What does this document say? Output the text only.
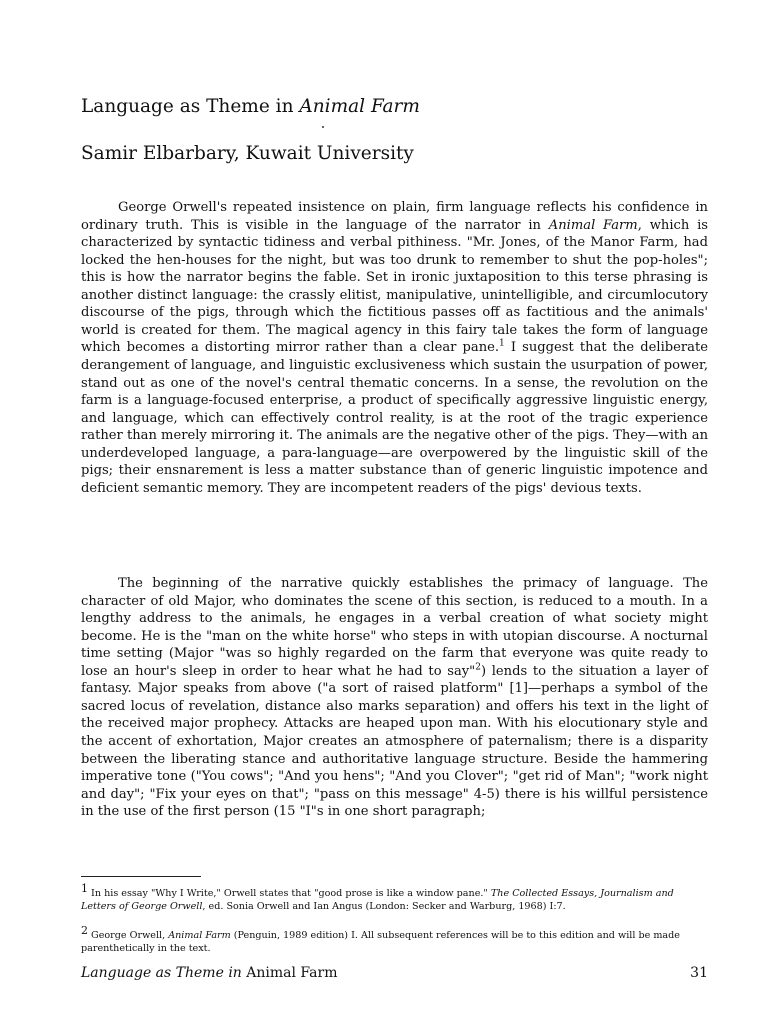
Language as Theme in Animal Farm
Samir Elbarbary, Kuwait University

George Orwell's repeated insistence on plain, firm language reflects his confidence in ordinary truth. This is visible in the language of the narrator in Animal Farm, which is characterized by syntactic tidiness and verbal pithiness. "Mr. Jones, of the Manor Farm, had locked the hen-houses for the night, but was too drunk to remember to shut the pop-holes"; this is how the narrator begins the fable. Set in ironic juxtaposition to this terse phrasing is another distinct language: the crassly elitist, manipulative, unintelligible, and circumlocutory discourse of the pigs, through which the fictitious passes off as factitious and the animals' world is created for them. The magical agency in this fairy tale takes the form of language which becomes a distorting mirror rather than a clear pane.$^1$ I suggest that the deliberate derangement of language, and linguistic exclusiveness which sustain the usurpation of power, stand out as one of the novel's central thematic concerns. In a sense, the revolution on the farm is a language-focused enterprise, a product of specifically aggressive linguistic energy, and language, which can effectively control reality, is at the root of the tragic experience rather than merely mirroring it. The animals are the negative other of the pigs. They—with an underdeveloped language, a para-language—are overpowered by the linguistic skill of the pigs; their ensnarement is less a matter substance than of generic linguistic impotence and deficient semantic memory. They are incompetent readers of the pigs' devious texts.

The beginning of the narrative quickly establishes the primacy of language. The character of old Major, who dominates the scene of this section, is reduced to a mouth. In a lengthy address to the animals, he engages in a verbal creation of what society might become. He is the "man on the white horse" who steps in with utopian discourse. A nocturnal time setting (Major "was so highly regarded on the farm that everyone was quite ready to lose an hour's sleep in order to hear what he had to say"$^2$) lends to the situation a layer of fantasy. Major speaks from above ("a sort of raised platform" [1]—perhaps a symbol of the sacred locus of revelation, distance also marks separation) and offers his text in the light of the received major prophecy. Attacks are heaped upon man. With his elocutionary style and the accent of exhortation, Major creates an atmosphere of paternalism; there is a disparity between the liberating stance and authoritative language structure. Beside the hammering imperative tone ("You cows"; "And you hens"; "And you Clover"; "get rid of Man"; "work night and day"; "Fix your eyes on that"; "pass on this message" 4-5) there is his willful persistence in the use of the first person (15 "I"s in one short paragraph;

$^1$ In his essay "Why I Write," Orwell states that "good prose is like a window pane." The Collected Essays, Journalism and Letters of George Orwell, ed. Sonia Orwell and Ian Angus (London: Secker and Warburg, 1968) I:7.
$^2$ George Orwell, Animal Farm (Penguin, 1989 edition) I. All subsequent references will be to this edition and will be made parenthetically in the text.
Language as Theme in Animal Farm	31
